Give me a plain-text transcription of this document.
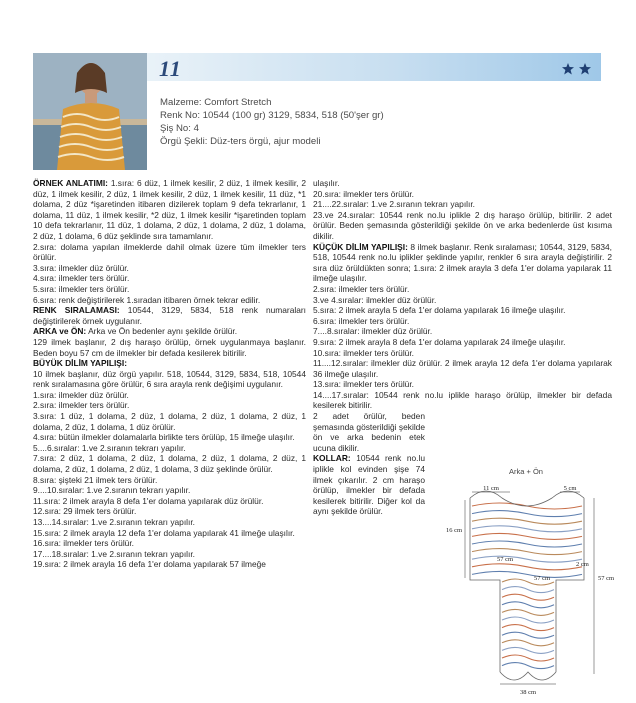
11
Malzeme: Comfort Stretch
Renk No: 10544 (100 gr) 3129, 5834, 518 (50'şer gr)
Şiş No: 4
Örgü Şekli: Düz-ters örgü, ajur modeli

ÖRNEK ANLATIMI: 1.sıra: 6 düz, 1 ilmek kesilir, 2 düz, 1 ilmek kesilir, 2 düz, 1 ilmek kesilir, 2 düz, 1 ilmek kesilir, 2 düz, 1 ilmek kesilir, 11 düz, *1 dolama, 2 düz *işaretinden itibaren dizilerek toplam 9 defa tekrarlanır, 1 dolama, 11 düz, 1 ilmek kesilir, *2 düz, 1 ilmek kesilir *işaretinden toplam 10 defa tekrarlanır, 11 düz, 1 dolama, 2 düz, 1 dolama, 2 düz, 1 dolama, 2 düz, 1 dolama, 6 düz şeklinde sıra tamamlanır.

2.sıra: dolama yapılan ilmeklerde dahil olmak üzere tüm ilmekler ters örülür.

3.sıra: ilmekler düz örülür.

4.sıra: ilmekler ters örülür.

5.sıra: ilmekler ters örülür.

6.sıra: renk değiştirilerek 1.sıradan itibaren örnek tekrar edilir.

RENK SIRALAMASI: 10544, 3129, 5834, 518 renk numaraları değiştirilerek örnek uygulanır.

ARKA ve ÖN: Arka ve Ön bedenler aynı şekilde örülür.

129 ilmek başlanır, 2 dış haraşo örülüp, örnek uygulanmaya başlanır. Beden boyu 57 cm de ilmekler bir defada kesilerek bitirilir.

BÜYÜK DİLİM YAPILIŞI:

10 ilmek başlanır, düz örgü yapılır. 518, 10544, 3129, 5834, 518, 10544 renk sıralamasına göre örülür, 6 sıra arayla renk değişimi uygulanır.

1.sıra: ilmekler düz örülür.

2.sıra: ilmekler ters örülür.

3.sıra: 1 düz, 1 dolama, 2 düz, 1 dolama, 2 düz, 1 dolama, 2 düz, 1 dolama, 2 düz, 1 dolama, 1 düz örülür.

4.sıra: bütün ilmekler dolamalarla birlikte ters örülüp, 15 ilmeğe ulaşılır.

5....6.sıralar: 1.ve 2.sıranın tekrarı yapılır.

7.sıra: 2 düz, 1 dolama, 2 düz, 1 dolama, 2 düz, 1 dolama, 2 düz, 1 dolama, 2 düz, 1 dolama, 2 düz, 1 dolama, 3 düz şeklinde örülür.

8.sıra: şişteki 21 ilmek ters örülür.

9....10.sıralar: 1.ve 2.sıranın tekrarı yapılır.

11.sıra: 2 ilmek arayla 8 defa 1'er dolama yapılarak düz örülür.

12.sıra: 29 ilmek ters örülür.

13....14.sıralar: 1.ve 2.sıranın tekrarı yapılır.

15.sıra: 2 ilmek arayla 12 defa 1'er dolama yapılarak 41 ilmeğe ulaşılır.

16.sıra: ilmekler ters örülür.

17....18.sıralar: 1.ve 2.sıranın tekrarı yapılır.

19.sıra: 2 ilmek arayla 16 defa 1'er dolama yapılarak 57 ilmeğe

ulaşılır.

20.sıra: ilmekler ters örülür.

21....22.sıralar: 1.ve 2.sıranın tekrarı yapılır.

23.ve 24.sıralar: 10544 renk no.lu iplikle 2 dış haraşo örülüp, bitirilir. 2 adet örülür. Beden şemasında gösterildiği şekilde ön ve arka bedenlerde üst kısıma dikilir.

KÜÇÜK DİLİM YAPILIŞI: 8 ilmek başlanır. Renk sıralaması; 10544, 3129, 5834, 518, 10544 renk no.lu iplikler şeklinde yapılır, renkler 6 sıra arayla değiştirilir. 2 sıra düz örüldükten sonra; 1.sıra: 2 ilmek arayla 3 defa 1'er dolama yapılarak 11 ilmeğe ulaşılır.

2.sıra: ilmekler ters örülür.

3.ve 4.sıralar: ilmekler düz örülür.

5.sıra: 2 ilmek arayla 5 defa 1'er dolama yapılarak 16 ilmeğe ulaşılır.

6.sıra: ilmekler ters örülür.

7....8.sıralar: ilmekler düz örülür.

9.sıra: 2 ilmek arayla 8 defa 1'er dolama yapılarak 24 ilmeğe ulaşılır.

10.sıra: ilmekler ters örülür.

11....12.sıralar: ilmekler düz örülür. 2 ilmek arayla 12 defa 1'er dolama yapılarak 36 ilmeğe ulaşılır.

13.sıra: ilmekler ters örülür.

14....17.sıralar: 10544 renk no.lu iplikle haraşo örülüp, ilmekler bir defada kesilerek bitirilir.

2 adet örülür, beden şemasında gösterildiği şekilde ön ve arka bedenin etek ucuna dikilir.

KOLLAR: 10544 renk no.lu iplikle kol evinden şişe 74 ilmek çıkarılır. 2 cm haraşo örülüp, ilmekler bir defada kesilerek bitirilir. Diğer kol da aynı şekilde örülür.

Arka + Ön
11 cm	5 cm
16 cm
57 cm
57 cm
2 cm
57 cm
38 cm
